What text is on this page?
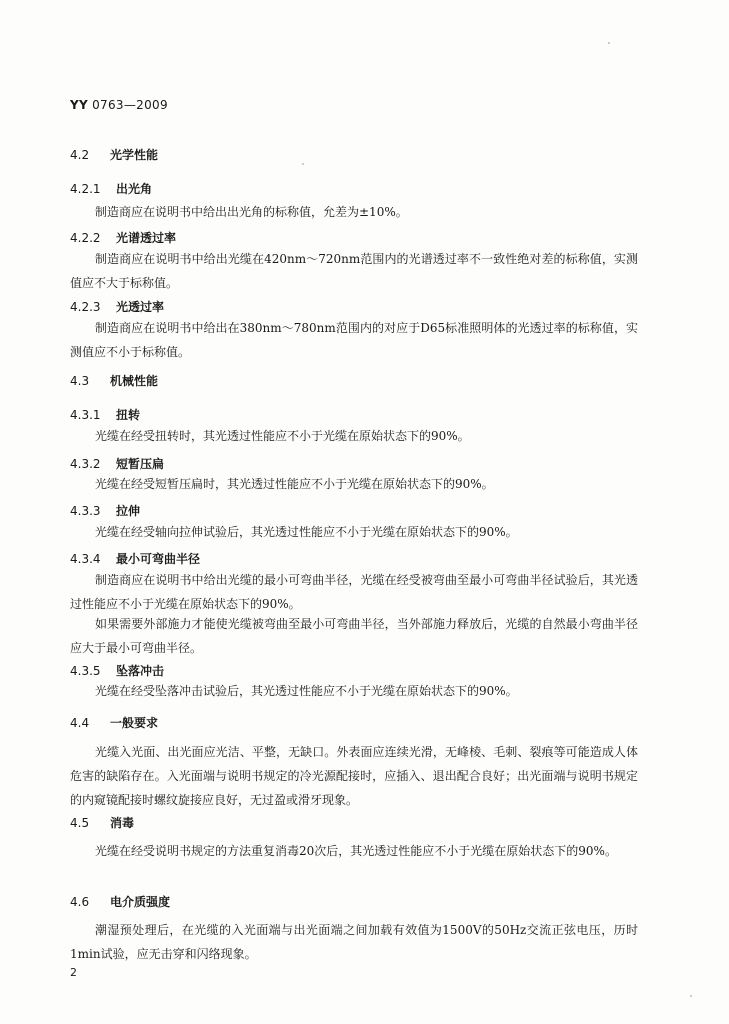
YY 0763—2009
4.2 光学性能
4.2.1 出光角
制造商应在说明书中给出出光角的标称值，允差为±10%。
4.2.2 光谱透过率
制造商应在说明书中给出光缆在420nm～720nm范围内的光谱透过率不一致性绝对差的标称值，实测值应不大于标称值。
4.2.3 光透过率
制造商应在说明书中给出在380nm～780nm范围内的对应于D65标准照明体的光透过率的标称值，实测值应不小于标称值。
4.3 机械性能
4.3.1 扭转
光缆在经受扭转时，其光透过性能应不小于光缆在原始状态下的90%。
4.3.2 短暂压扁
光缆在经受短暂压扁时，其光透过性能应不小于光缆在原始状态下的90%。
4.3.3 拉伸
光缆在经受轴向拉伸试验后，其光透过性能应不小于光缆在原始状态下的90%。
4.3.4 最小可弯曲半径
制造商应在说明书中给出光缆的最小可弯曲半径，光缆在经受被弯曲至最小可弯曲半径试验后，其光透过性能应不小于光缆在原始状态下的90%。
如果需要外部施力才能使光缆被弯曲至最小可弯曲半径，当外部施力释放后，光缆的自然最小弯曲半径应大于最小可弯曲半径。
4.3.5 坠落冲击
光缆在经受坠落冲击试验后，其光透过性能应不小于光缆在原始状态下的90%。
4.4 一般要求
光缆入光面、出光面应光洁、平整，无缺口。外表面应连续光滑，无峰棱、毛刺、裂痕等可能造成人体危害的缺陷存在。入光面端与说明书规定的冷光源配接时，应插入、退出配合良好；出光面端与说明书规定的内窥镜配接时螺纹旋接应良好，无过盈或滑牙现象。
4.5 消毒
光缆在经受说明书规定的方法重复消毒20次后，其光透过性能应不小于光缆在原始状态下的90%。
4.6 电介质强度
潮湿预处理后，在光缆的入光面端与出光面端之间加载有效值为1500V的50Hz交流正弦电压，历时1min试验，应无击穿和闪络现象。
2
